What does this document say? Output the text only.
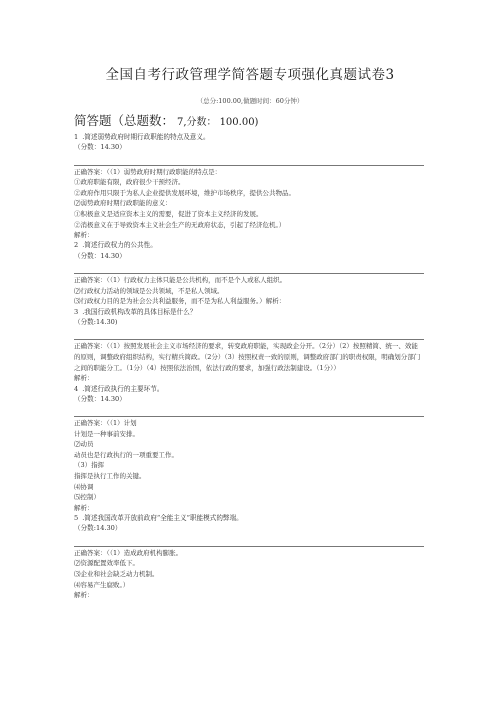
全国自考行政管理学简答题专项强化真题试卷3
（总分:100.00,做题时间：60分钟）
简答题（总题数： 7,分数： 100.00)
1 .简述弱势政府时期行政职能的特点及意义。
（分数：14.30）
正确答案：（（1）弱势政府时期行政职能的特点是：
①政府职能有限，政府很少干预经济。
②政府作用只限于为私人企业提供发展环境，维护市场秩序，提供公共物品。
⑵弱势政府时期行政职能的意义：
①积极意义是适应资本主义的需要，促进了资本主义经济的发展。
②消极意义在于导致资本主义社会生产的无政府状态，引起了经济危机。）
解析：
2 .简述行政权力的公共性。
（分数：14.30）
正确答案：（（1）行政权力主体只能是公共机构，而不是个人或私人组织。
⑵行政权力活动的领域是公共领域，不是私人领域。
⑶行政权力目的是为社会公共利益服务，而不是为私人利益服务。）解析：
3 .我国行政机构改革的具体目标是什么？
（分数:14.30)
正确答案：（（1）按照发展社会主义市场经济的要求，转变政府职能，实现政企分开。（2分）（2）按照精简、统一、效能的原则，调整政府组织结构，实行精兵简政。（2分）（3）按照权责一致的原则，调整政府部门的职责权限，明确划分部门之间的职能分工。（1分）（4）按照依法治国，依法行政的要求，加强行政法制建设。（1分））
解析：
4 .简述行政执行的主要环节。
（分数：14.30）
正确答案：（（1）计划
计划是一种事前安排。
⑵动员
动员也是行政执行的一项重要工作。
（3）指挥
指挥是执行工作的关键。
⑷协调
⑸控制）
解析：
5 .简述我国改革开放前政府“全能主义”职能模式的弊端。
（分数:14.30）
正确答案：（（1）造成政府机构膨胀。
⑵资源配置效率低下。
⑶企业和社会缺乏动力机制。
⑷容易产生腐败。）
解析：
